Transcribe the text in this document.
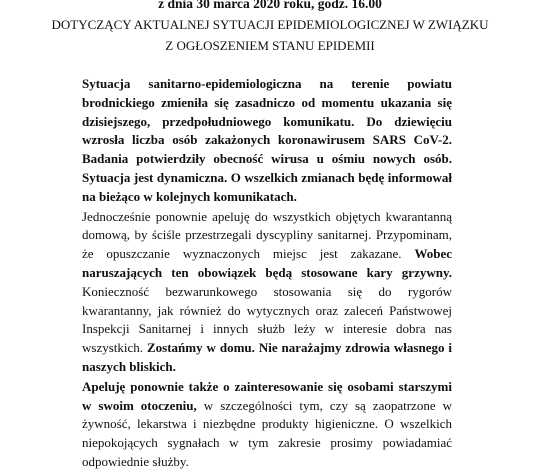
z dnia 30 marca 2020 roku, godz. 16.00
DOTYCZĄCY AKTUALNEJ SYTUACJI EPIDEMIOLOGICZNEJ W ZWIĄZKU
Z OGŁOSZENIEM STANU EPIDEMII

Sytuacja sanitarno-epidemiologiczna na terenie powiatu brodnickiego zmieniła się zasadniczo od momentu ukazania się dzisiejszego, przedpołudniowego komunikatu. Do dziewięciu wzrosła liczba osób zakażonych koronawirusem SARS CoV-2. Badania potwierdziły obecność wirusa u ośmiu nowych osób. Sytuacja jest dynamiczna. O wszelkich zmianach będę informował na bieżąco w kolejnych komunikatach.

Jednocześnie ponownie apeluję do wszystkich objętych kwarantanną domową, by ściśle przestrzegali dyscypliny sanitarnej. Przypominam, że opuszczanie wyznaczonych miejsc jest zakazane. Wobec naruszających ten obowiązek będą stosowane kary grzywny. Konieczność bezwarunkowego stosowania się do rygorów kwarantanny, jak również do wytycznych oraz zaleceń Państwowej Inspekcji Sanitarnej i innych służb leży w interesie dobra nas wszystkich. Zostańmy w domu. Nie narażajmy zdrowia własnego i naszych bliskich.

Apeluję ponownie także o zainteresowanie się osobami starszymi w swoim otoczeniu, w szczególności tym, czy są zaopatrzone w żywność, lekarstwa i niezbędne produkty higieniczne. O wszelkich niepokojących sygnałach w tym zakresie prosimy powiadamiać odpowiednie służby.
